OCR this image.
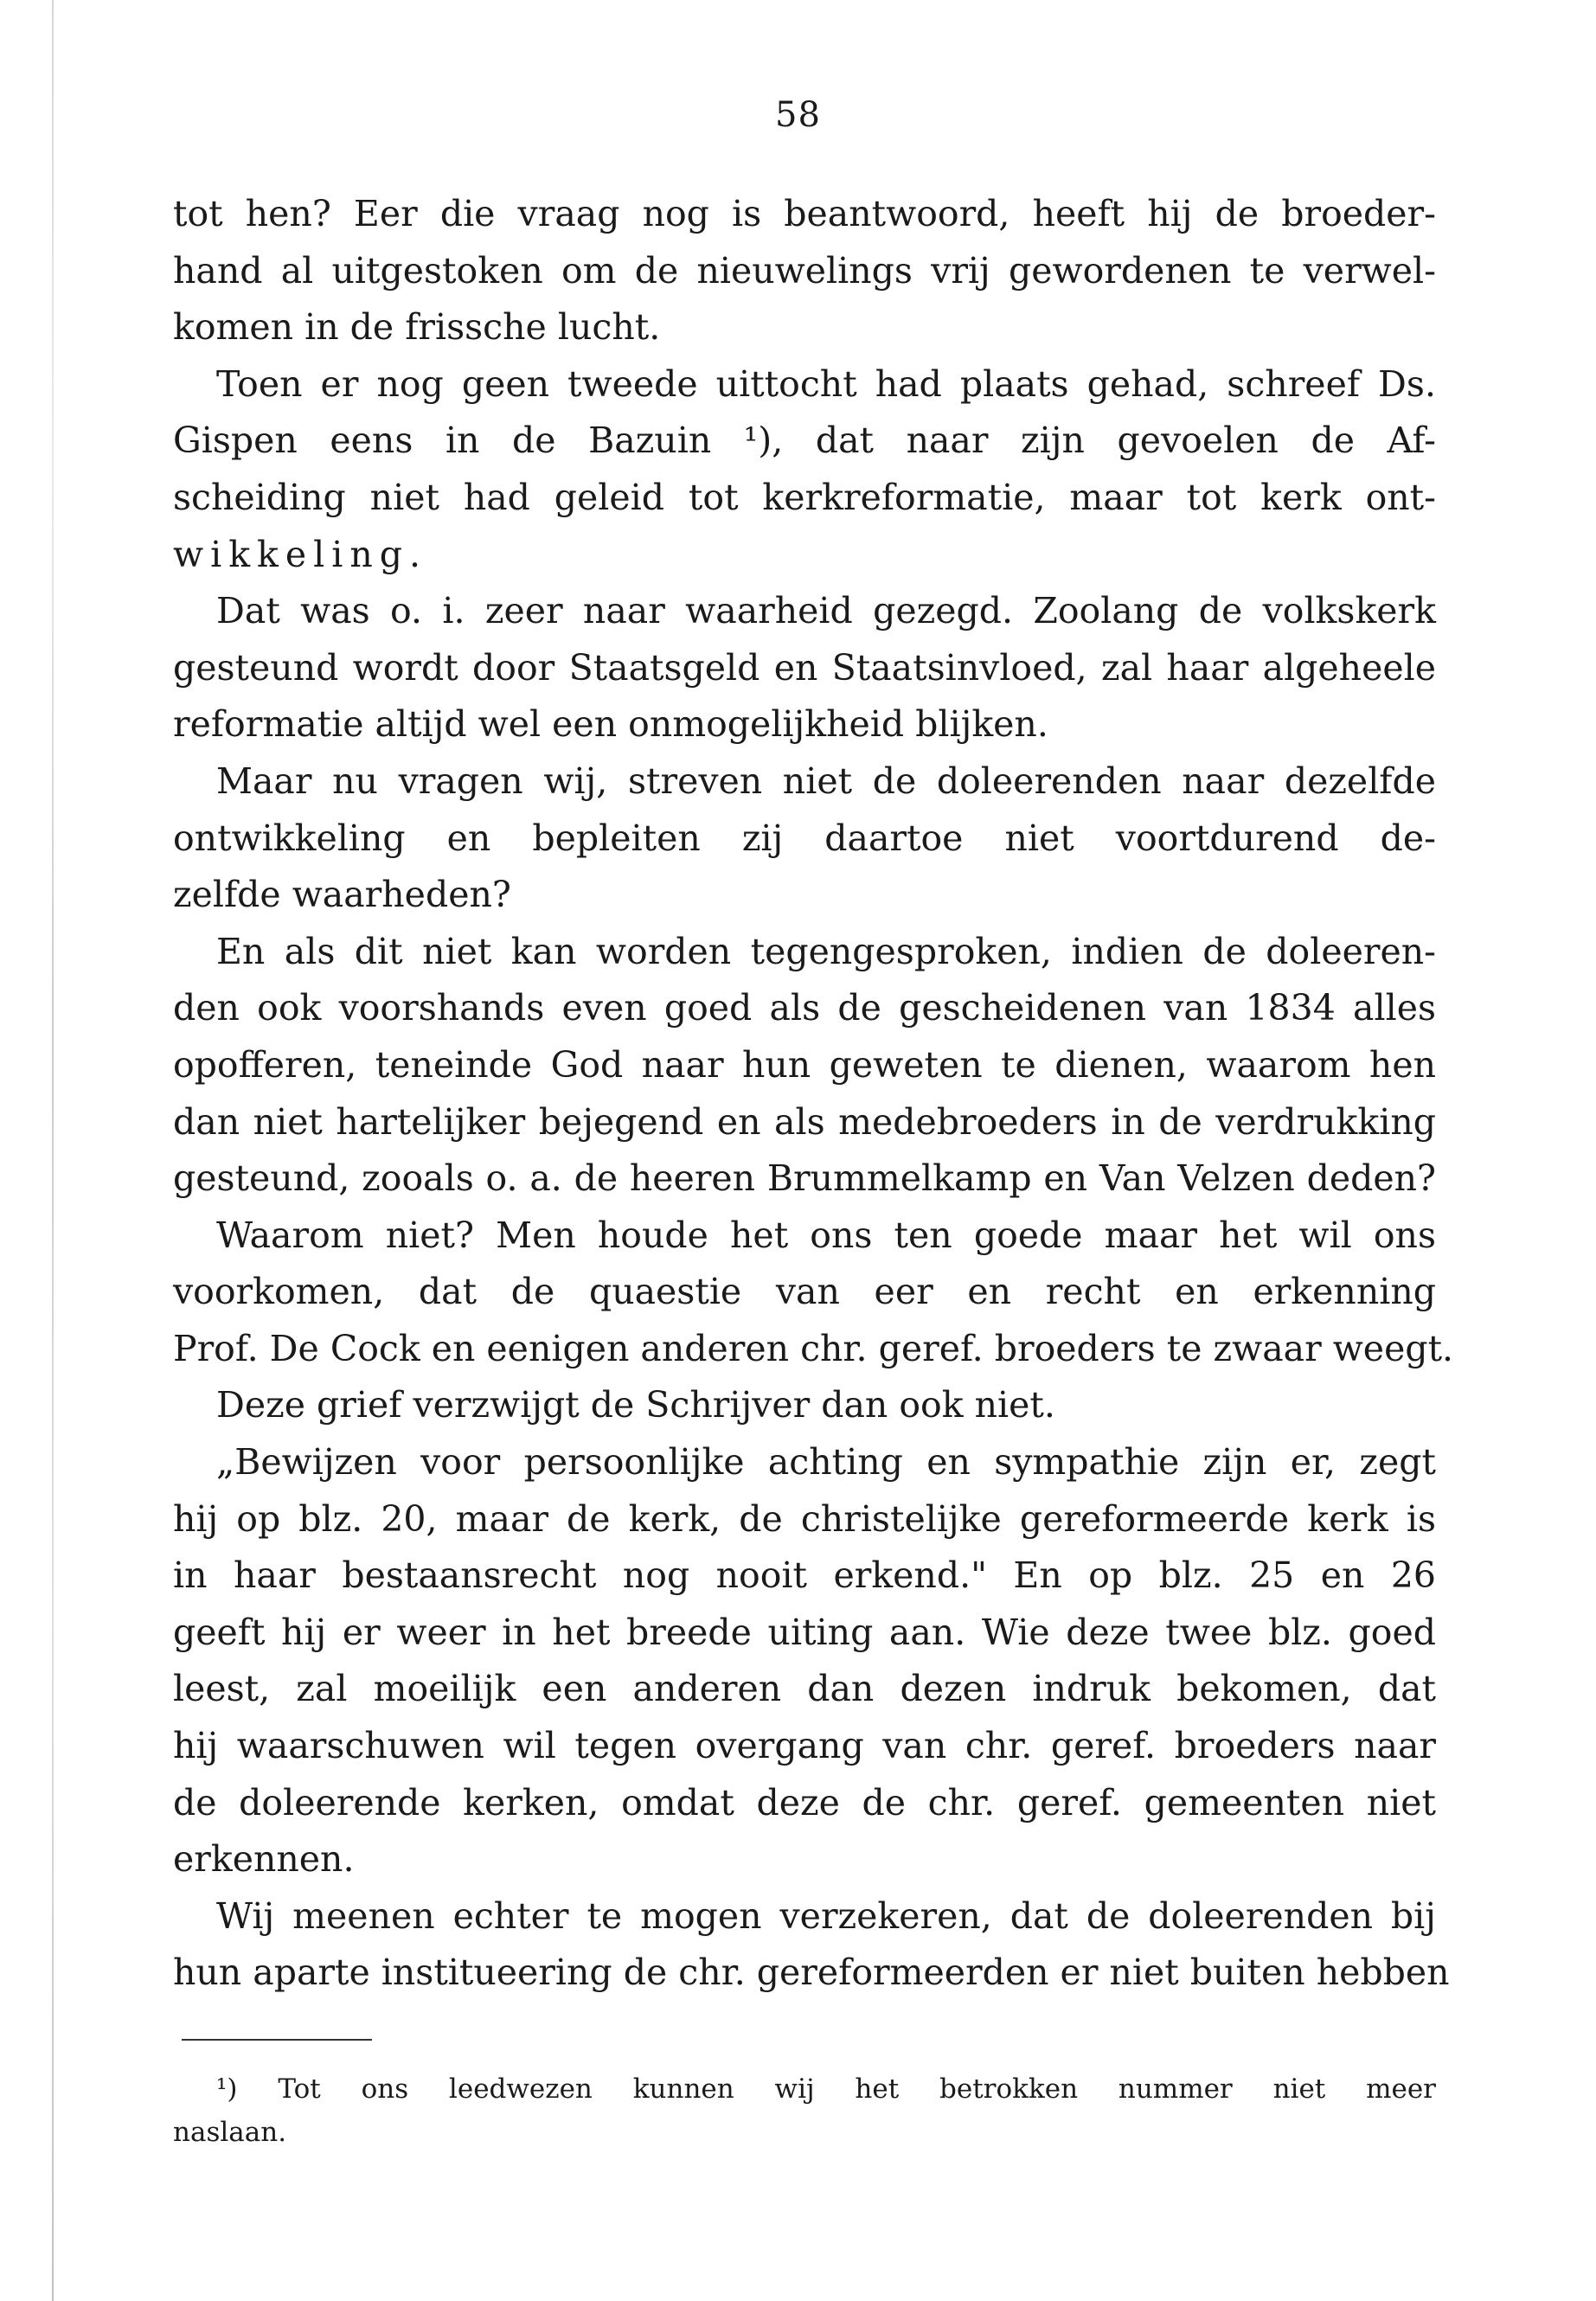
58
tot hen? Eer die vraag nog is beantwoord, heeft hij de broeder-
hand al uitgestoken om de nieuwelings vrij gewordenen te verwel-
komen in de frissche lucht.
Toen er nog geen tweede uittocht had plaats gehad, schreef Ds.
Gispen eens in de Bazuin ¹), dat naar zijn gevoelen de Af-
scheiding niet had geleid tot kerkreformatie, maar tot kerk ont-
wikkeling.
Dat was o. i. zeer naar waarheid gezegd. Zoolang de volkskerk
gesteund wordt door Staatsgeld en Staatsinvloed, zal haar algeheele
reformatie altijd wel een onmogelijkheid blijken.
Maar nu vragen wij, streven niet de doleerenden naar dezelfde
ontwikkeling en bepleiten zij daartoe niet voortdurend de-
zelfde waarheden?
En als dit niet kan worden tegengesproken, indien de doleeren-
den ook voorshands even goed als de gescheidenen van 1834 alles
opofferen, teneinde God naar hun geweten te dienen, waarom hen
dan niet hartelijker bejegend en als medebroeders in de verdrukking
gesteund, zooals o. a. de heeren Brummelkamp en Van Velzen deden?
Waarom niet? Men houde het ons ten goede maar het wil ons
voorkomen, dat de quaestie van eer en recht en erkenning
Prof. De Cock en eenigen anderen chr. geref. broeders te zwaar weegt.
Deze grief verzwijgt de Schrijver dan ook niet.
„Bewijzen voor persoonlijke achting en sympathie zijn er, zegt
hij op blz. 20, maar de kerk, de christelijke gereformeerde kerk is
in haar bestaansrecht nog nooit erkend." En op blz. 25 en 26
geeft hij er weer in het breede uiting aan. Wie deze twee blz. goed
leest, zal moeilijk een anderen dan dezen indruk bekomen, dat
hij waarschuwen wil tegen overgang van chr. geref. broeders naar
de doleerende kerken, omdat deze de chr. geref. gemeenten niet
erkennen.
Wij meenen echter te mogen verzekeren, dat de doleerenden bij
hun aparte institueering de chr. gereformeerden er niet buiten hebben
¹) Tot ons leedwezen kunnen wij het betrokken nummer niet meer
naslaan.
